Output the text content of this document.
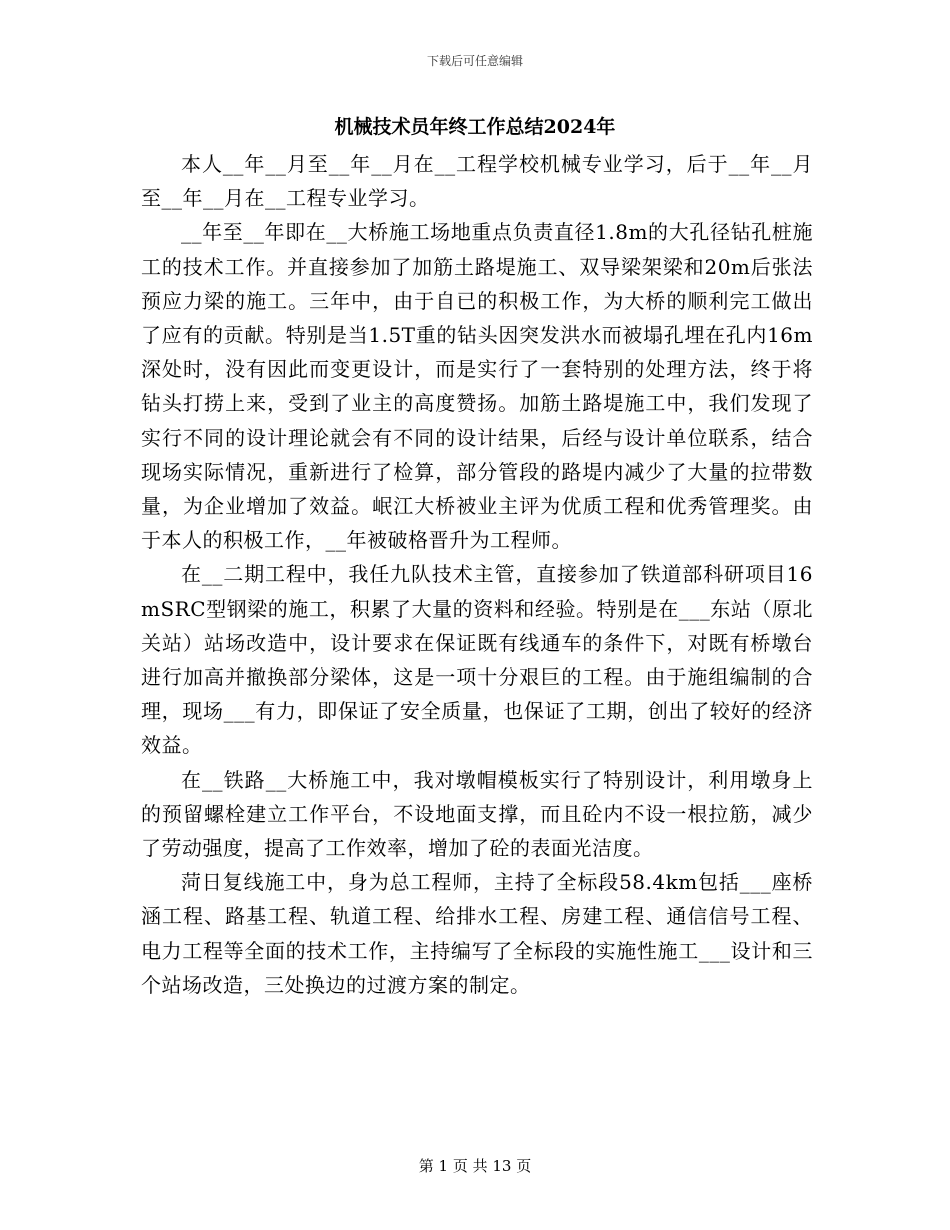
下载后可任意编辑
机械技术员年终工作总结2024年

本人__年__月至__年__月在__工程学校机械专业学习，后于__年__月至__年__月在__工程专业学习。

__年至__年即在__大桥施工场地重点负责直径1.8m的大孔径钻孔桩施工的技术工作。并直接参加了加筋土路堤施工、双导梁架梁和20m后张法预应力梁的施工。三年中，由于自已的积极工作，为大桥的顺利完工做出了应有的贡献。特别是当1.5T重的钻头因突发洪水而被塌孔埋在孔内16m深处时，没有因此而变更设计，而是实行了一套特别的处理方法，终于将钻头打捞上来，受到了业主的高度赞扬。加筋土路堤施工中，我们发现了实行不同的设计理论就会有不同的设计结果，后经与设计单位联系，结合现场实际情况，重新进行了检算，部分管段的路堤内减少了大量的拉带数量，为企业增加了效益。岷江大桥被业主评为优质工程和优秀管理奖。由于本人的积极工作，__年被破格晋升为工程师。

在__二期工程中，我任九队技术主管，直接参加了铁道部科研项目16mSRC型钢梁的施工，积累了大量的资料和经验。特别是在___东站（原北关站）站场改造中，设计要求在保证既有线通车的条件下，对既有桥墩台进行加高并撤换部分梁体，这是一项十分艰巨的工程。由于施组编制的合理，现场___有力，即保证了安全质量，也保证了工期，创出了较好的经济效益。

在__铁路__大桥施工中，我对墩帽模板实行了特别设计，利用墩身上的预留螺栓建立工作平台，不设地面支撑，而且砼内不设一根拉筋，减少了劳动强度，提高了工作效率，增加了砼的表面光洁度。

菏日复线施工中，身为总工程师，主持了全标段58.4km包括___座桥涵工程、路基工程、轨道工程、给排水工程、房建工程、通信信号工程、电力工程等全面的技术工作，主持编写了全标段的实施性施工___设计和三个站场改造，三处换边的过渡方案的制定。

第 1 页 共 13 页
